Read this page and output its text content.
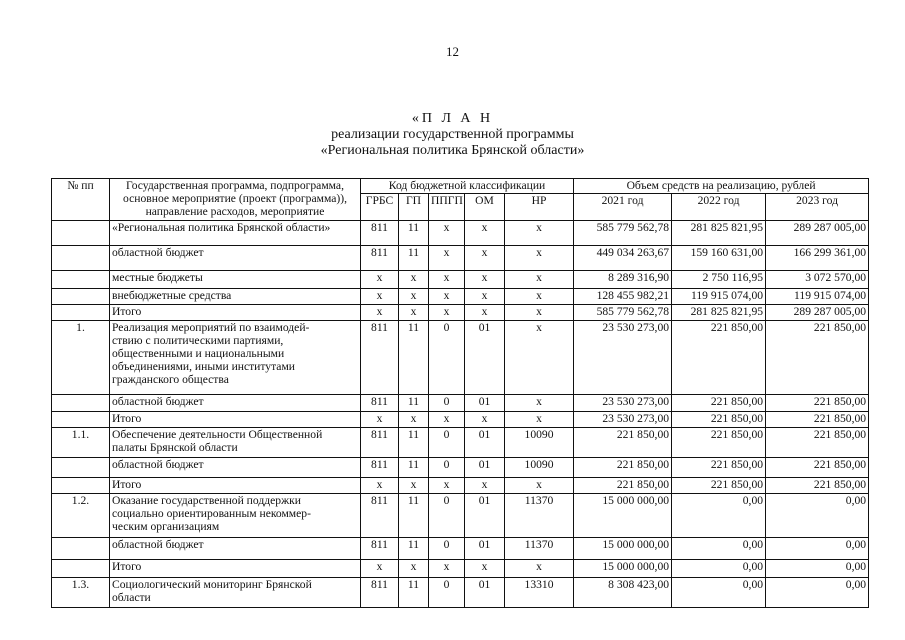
12
«П Л А Н
реализации государственной программы
«Региональная политика Брянской области»
№ пп	Государственная программа, подпрограмма,
основное мероприятие (проект (программа)),
направление расходов, мероприятие	Код бюджетной классификации					Объем средств на реализацию, рублей		
		ГРБС	ГП	ППГП	ОМ	НР	2021 год	2022 год	2023 год
	«Региональная политика Брянской области»	811	11	x	x	x	585 779 562,78	281 825 821,95	289 287 005,00
	областной бюджет	811	11	x	x	x	449 034 263,67	159 160 631,00	166 299 361,00
	местные бюджеты	x	x	x	x	x	8 289 316,90	2 750 116,95	3 072 570,00
	внебюджетные средства	x	x	x	x	x	128 455 982,21	119 915 074,00	119 915 074,00
	Итого	x	x	x	x	x	585 779 562,78	281 825 821,95	289 287 005,00
1.	Реализация мероприятий по взаимодей-
ствию с политическими партиями,
общественными и национальными
объединениями, иными институтами
гражданского общества	811	11	0	01	x	23 530 273,00	221 850,00	221 850,00
	областной бюджет	811	11	0	01	x	23 530 273,00	221 850,00	221 850,00
	Итого	x	x	x	x	x	23 530 273,00	221 850,00	221 850,00
1.1.	Обеспечение деятельности Общественной
палаты Брянской области	811	11	0	01	10090	221 850,00	221 850,00	221 850,00
	областной бюджет	811	11	0	01	10090	221 850,00	221 850,00	221 850,00
	Итого	x	x	x	x	x	221 850,00	221 850,00	221 850,00
1.2.	Оказание государственной поддержки
социально ориентированным некоммер-
ческим организациям	811	11	0	01	11370	15 000 000,00	0,00	0,00
	областной бюджет	811	11	0	01	11370	15 000 000,00	0,00	0,00
	Итого	x	x	x	x	x	15 000 000,00	0,00	0,00
1.3.	Социологический мониторинг Брянской
области	811	11	0	01	13310	8 308 423,00	0,00	0,00
